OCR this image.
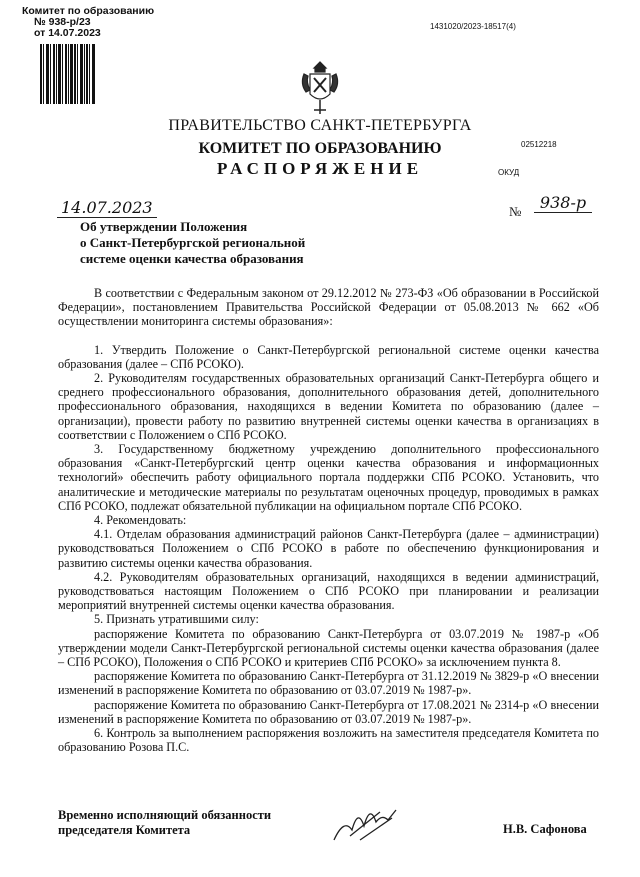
Комитет по образованию
№ 938-р/23
от 14.07.2023
1431020/2023-18517(4)
ПРАВИТЕЛЬСТВО САНКТ-ПЕТЕРБУРГА
КОМИТЕТ ПО ОБРАЗОВАНИЮ
РАСПОРЯЖЕНИЕ
02512218
ОКУД
14.07.2023	№	938-р
Об утверждении Положения
о Санкт-Петербургской региональной
системе оценки качества образования

В соответствии с Федеральным законом от 29.12.2012 № 273-ФЗ «Об образовании в Российской Федерации», постановлением Правительства Российской Федерации от 05.08.2013 № 662 «Об осуществлении мониторинга системы образования»:

1. Утвердить Положение о Санкт-Петербургской региональной системе оценки качества образования (далее – СПб РСОКО).

2. Руководителям государственных образовательных организаций Санкт-Петербурга общего и среднего профессионального образования, дополнительного образования детей, дополнительного профессионального образования, находящихся в ведении Комитета по образованию (далее – организации), провести работу по развитию внутренней системы оценки качества в организациях в соответствии с Положением о СПб РСОКО.

3. Государственному бюджетному учреждению дополнительного профессионального образования «Санкт-Петербургский центр оценки качества образования и информационных технологий» обеспечить работу официального портала поддержки СПб РСОКО. Установить, что аналитические и методические материалы по результатам оценочных процедур, проводимых в рамках СПб РСОКО, подлежат обязательной публикации на официальном портале СПб РСОКО.

4. Рекомендовать:

4.1. Отделам образования администраций районов Санкт-Петербурга (далее – администрации) руководствоваться Положением о СПб РСОКО в работе по обеспечению функционирования и развитию системы оценки качества образования.

4.2. Руководителям образовательных организаций, находящихся в ведении администраций, руководствоваться настоящим Положением о СПб РСОКО при планировании и реализации мероприятий внутренней системы оценки качества образования.

5. Признать утратившими силу:

распоряжение Комитета по образованию Санкт-Петербурга от 03.07.2019 № 1987-р «Об утверждении модели Санкт-Петербургской региональной системы оценки качества образования (далее – СПб РСОКО), Положения о СПб РСОКО и критериев СПб РСОКО» за исключением пункта 8.

распоряжение Комитета по образованию Санкт-Петербурга от 31.12.2019 № 3829-р «О внесении изменений в распоряжение Комитета по образованию от 03.07.2019 № 1987-р».

распоряжение Комитета по образованию Санкт-Петербурга от 17.08.2021 № 2314-р «О внесении изменений в распоряжение Комитета по образованию от 03.07.2019 № 1987-р».

6. Контроль за выполнением распоряжения возложить на заместителя председателя Комитета по образованию Розова П.С.

Временно исполняющий обязанности
председателя Комитета	Н.В. Сафонова
